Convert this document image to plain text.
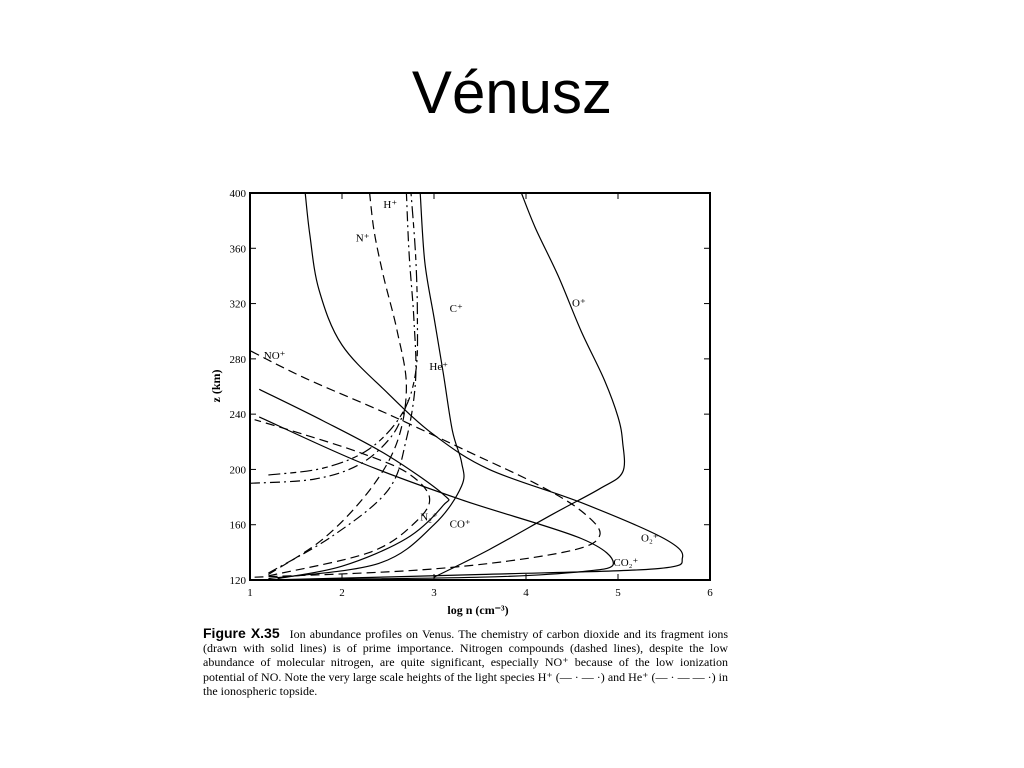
Vénusz
1	2	3	4	5	6
120
160
200
240
280
320
360
400
O⁺
O₂⁺
C⁺
CO⁺
CO₂⁺
N₂⁺
NO⁺
N⁺
H⁺
He⁺
log n (cm⁻³)
z (km)
Figure X.35 Ion abundance profiles on Venus. The chemistry of carbon dioxide and its fragment ions (drawn with solid lines) is of prime importance. Nitrogen compounds (dashed lines), despite the low abundance of molecular nitrogen, are quite significant, especially NO⁺ because of the low ionization potential of NO. Note the very large scale heights of the light species H⁺ (— · — ·) and He⁺ (— · — — ·) in the ionospheric topside.
